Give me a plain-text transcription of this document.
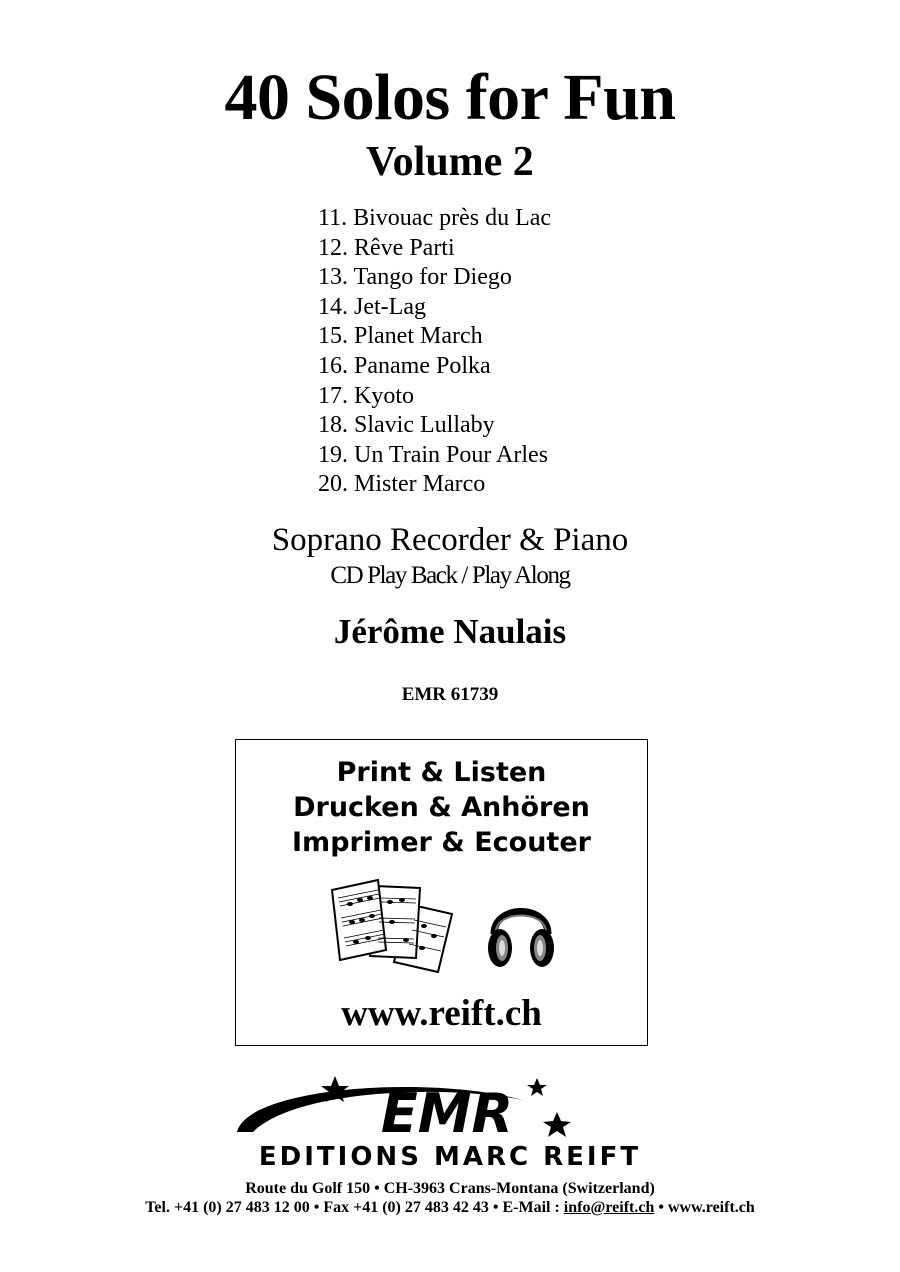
40 Solos for Fun
Volume 2
11. Bivouac près du Lac
12. Rêve Parti
13. Tango for Diego
14. Jet-Lag
15. Planet March
16. Paname Polka
17. Kyoto
18. Slavic Lullaby
19. Un Train Pour Arles
20. Mister Marco
Soprano Recorder & Piano
CD Play Back / Play Along
Jérôme Naulais
EMR 61739
Print & Listen
Drucken & Anhören
Imprimer & Ecouter
www.reift.ch
EMR
EDITIONS MARC REIFT
Route du Golf 150 • CH-3963 Crans-Montana (Switzerland)
Tel. +41 (0) 27 483 12 00 • Fax +41 (0) 27 483 42 43 • E-Mail : info@reift.ch • www.reift.ch
